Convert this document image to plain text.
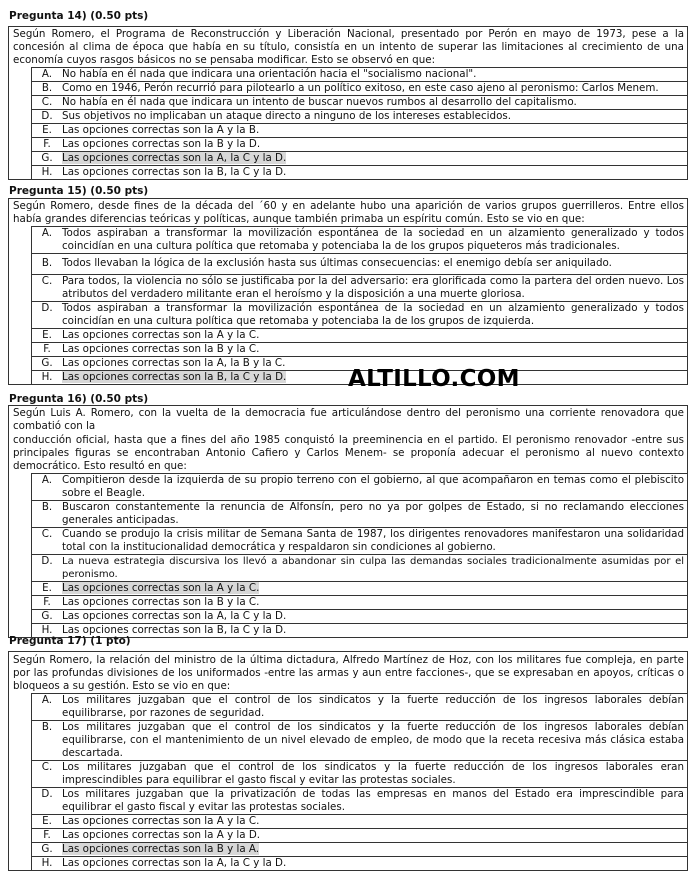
Pregunta 14) (0.50 pts)
Según Romero, el Programa de Reconstrucción y Liberación Nacional, presentado por Perón en mayo de 1973, pese a la concesión al clima de época que había en su título, consistía en un intento de superar las limitaciones al crecimiento de una economía cuyos rasgos básicos no se pensaba modificar. Esto se observó en que:
A. No había en él nada que indicara una orientación hacia el "socialismo nacional".
B. Como en 1946, Perón recurrió para pilotearlo a un político exitoso, en este caso ajeno al peronismo: Carlos Menem.
C. No había en él nada que indicara un intento de buscar nuevos rumbos al desarrollo del capitalismo.
D. Sus objetivos no implicaban un ataque directo a ninguno de los intereses establecidos.
E. Las opciones correctas son la A y la B.
F.	Las opciones correctas son la B y la D.
G. Las opciones correctas son la A, la C y la D.
H. Las opciones correctas son la B, la C y la D.
Pregunta 15) (0.50 pts)
Según Romero, desde fines de la década del ´60 y en adelante hubo una aparición de varios grupos guerrilleros. Entre ellos había grandes diferencias teóricas y políticas, aunque también primaba un espíritu común. Esto se vio en que:
A. Todos aspiraban a transformar la movilización espontánea de la sociedad en un alzamiento generalizado y todos coincidían en una cultura política que retomaba y potenciaba la de los grupos piqueteros más tradicionales.
B. Todos llevaban la lógica de la exclusión hasta sus últimas consecuencias: el enemigo debía ser aniquilado.
C. Para todos, la violencia no sólo se justificaba por la del adversario: era glorificada como la partera del orden nuevo. Los atributos del verdadero militante eran el heroísmo y la disposición a una muerte gloriosa.
D. Todos aspiraban a transformar la movilización espontánea de la sociedad en un alzamiento generalizado y todos coincidían en una cultura política que retomaba y potenciaba la de los grupos de izquierda.
E. Las opciones correctas son la A y la C.
F.	Las opciones correctas son la B y la C.
G. Las opciones correctas son la A, la B y la C.
H. Las opciones correctas son la B, la C y la D.	ALTILLO.COM
Pregunta 16) (0.50 pts)
Según Luis A. Romero, con la vuelta de la democracia fue articulándose dentro del peronismo una corriente renovadora que combatió con la
conducción oficial, hasta que a fines del año 1985 conquistó la preeminencia en el partido. El peronismo renovador -entre sus principales figuras se encontraban Antonio Cafiero y Carlos Menem- se proponía adecuar el peronismo al nuevo contexto democrático. Esto resultó en que:
A. Compitieron desde la izquierda de su propio terreno con el gobierno, al que acompañaron en temas como el plebiscito sobre el Beagle.
B. Buscaron constantemente la renuncia de Alfonsín, pero no ya por golpes de Estado, si no reclamando elecciones generales anticipadas.
C. Cuando se produjo la crisis militar de Semana Santa de 1987, los dirigentes renovadores manifestaron una solidaridad total con la institucionalidad democrática y respaldaron sin condiciones al gobierno.
D. La nueva estrategia discursiva los llevó a abandonar sin culpa las demandas sociales tradicionalmente asumidas por el peronismo.
E. Las opciones correctas son la A y la C.
F.	Las opciones correctas son la B y la C.
G. Las opciones correctas son la A, la C y la D.
H. Las opciones correctas son la B, la C y la D.
Pregunta 17) (1 pto)
Según Romero, la relación del ministro de la última dictadura, Alfredo Martínez de Hoz, con los militares fue compleja, en parte por las profundas divisiones de los uniformados -entre las armas y aun entre facciones-, que se expresaban en apoyos, críticas o bloqueos a su gestión. Esto se vio en que:
A. Los militares juzgaban que el control de los sindicatos y la fuerte reducción de los ingresos laborales debían equilibrarse, por razones de seguridad.
B. Los militares juzgaban que el control de los sindicatos y la fuerte reducción de los ingresos laborales debían equilibrarse, con el mantenimiento de un nivel elevado de empleo, de modo que la receta recesiva más clásica estaba descartada.
C. Los militares juzgaban que el control de los sindicatos y la fuerte reducción de los ingresos laborales eran imprescindibles para equilibrar el gasto fiscal y evitar las protestas sociales.
D. Los militares juzgaban que la privatización de todas las empresas en manos del Estado era imprescindible para equilibrar el gasto fiscal y evitar las protestas sociales.
E. Las opciones correctas son la A y la C.
F.	Las opciones correctas son la A y la D.
G. Las opciones correctas son la B y la A.
H. Las opciones correctas son la A, la C y la D.
